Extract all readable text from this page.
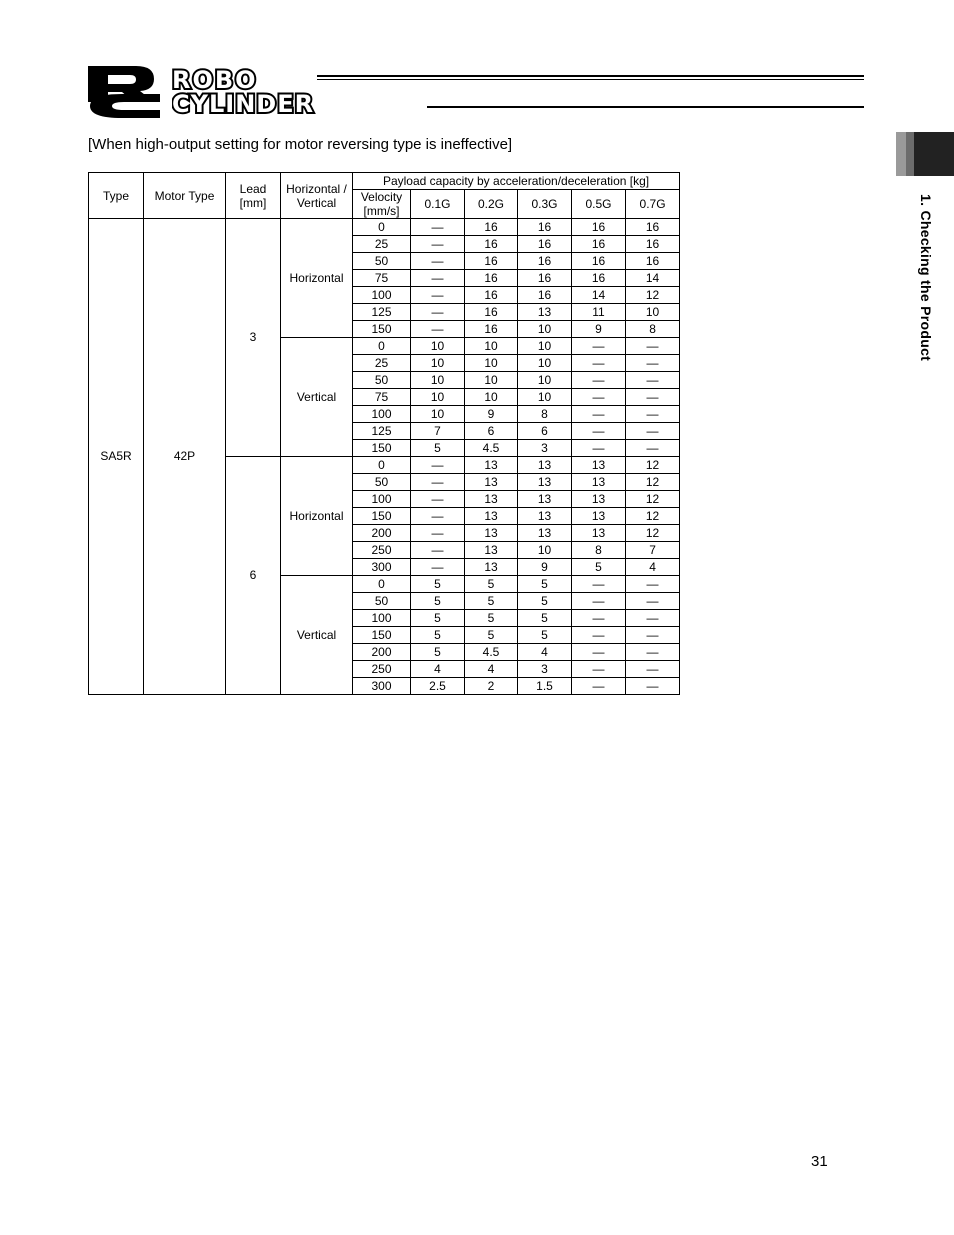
ROBO
CYLINDER
1. Checking the Product
[When high-output setting for motor reversing type is ineffective]
Type	Motor Type	Lead [mm]	Horizontal / Vertical	Payload capacity by acceleration/deceleration [kg]					
				Velocity [mm/s]	0.1G	0.2G	0.3G	0.5G	0.7G
SA5R	42P	3	Horizontal	0	—	16	16	16	16
				25	—	16	16	16	16
				50	—	16	16	16	16
				75	—	16	16	16	14
				100	—	16	16	14	12
				125	—	16	13	11	10
				150	—	16	10	9	8
			Vertical	0	10	10	10	—	—
				25	10	10	10	—	—
				50	10	10	10	—	—
				75	10	10	10	—	—
				100	10	9	8	—	—
				125	7	6	6	—	—
				150	5	4.5	3	—	—
		6	Horizontal	0	—	13	13	13	12
				50	—	13	13	13	12
				100	—	13	13	13	12
				150	—	13	13	13	12
				200	—	13	13	13	12
				250	—	13	10	8	7
				300	—	13	9	5	4
			Vertical	0	5	5	5	—	—
				50	5	5	5	—	—
				100	5	5	5	—	—
				150	5	5	5	—	—
				200	5	4.5	4	—	—
				250	4	4	3	—	—
				300	2.5	2	1.5	—	—
31
